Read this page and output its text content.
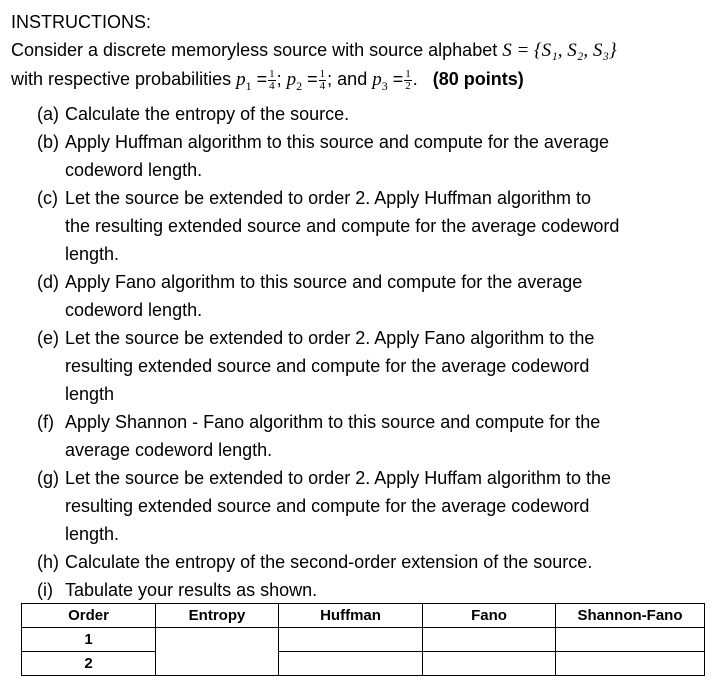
INSTRUCTIONS:
Consider a discrete memoryless source with source alphabet S = {S₁, S₂, S₃}
with respective probabilities $p_1 = \frac{1}{4}$ ; $p_2 = \frac{1}{4}$ ; and $p_3 = \frac{1}{2}$ .   (80 points)
(a) Calculate the entropy of the source.
(b) Apply Huffman algorithm to this source and compute for the average
codeword length.
(c) Let the source be extended to order 2. Apply Huffman algorithm to
the resulting extended source and compute for the average codeword
length.
(d) Apply Fano algorithm to this source and compute for the average
codeword length.
(e) Let the source be extended to order 2. Apply Fano algorithm to the
resulting extended source and compute for the average codeword
length
(f) Apply Shannon - Fano algorithm to this source and compute for the
average codeword length.
(g) Let the source be extended to order 2. Apply Huffam algorithm to the
resulting extended source and compute for the average codeword
length.
(h) Calculate the entropy of the second-order extension of the source.
(i) Tabulate your results as shown.
Order	Entropy	Huffman	Fano	Shannon-Fano
1				
2				
